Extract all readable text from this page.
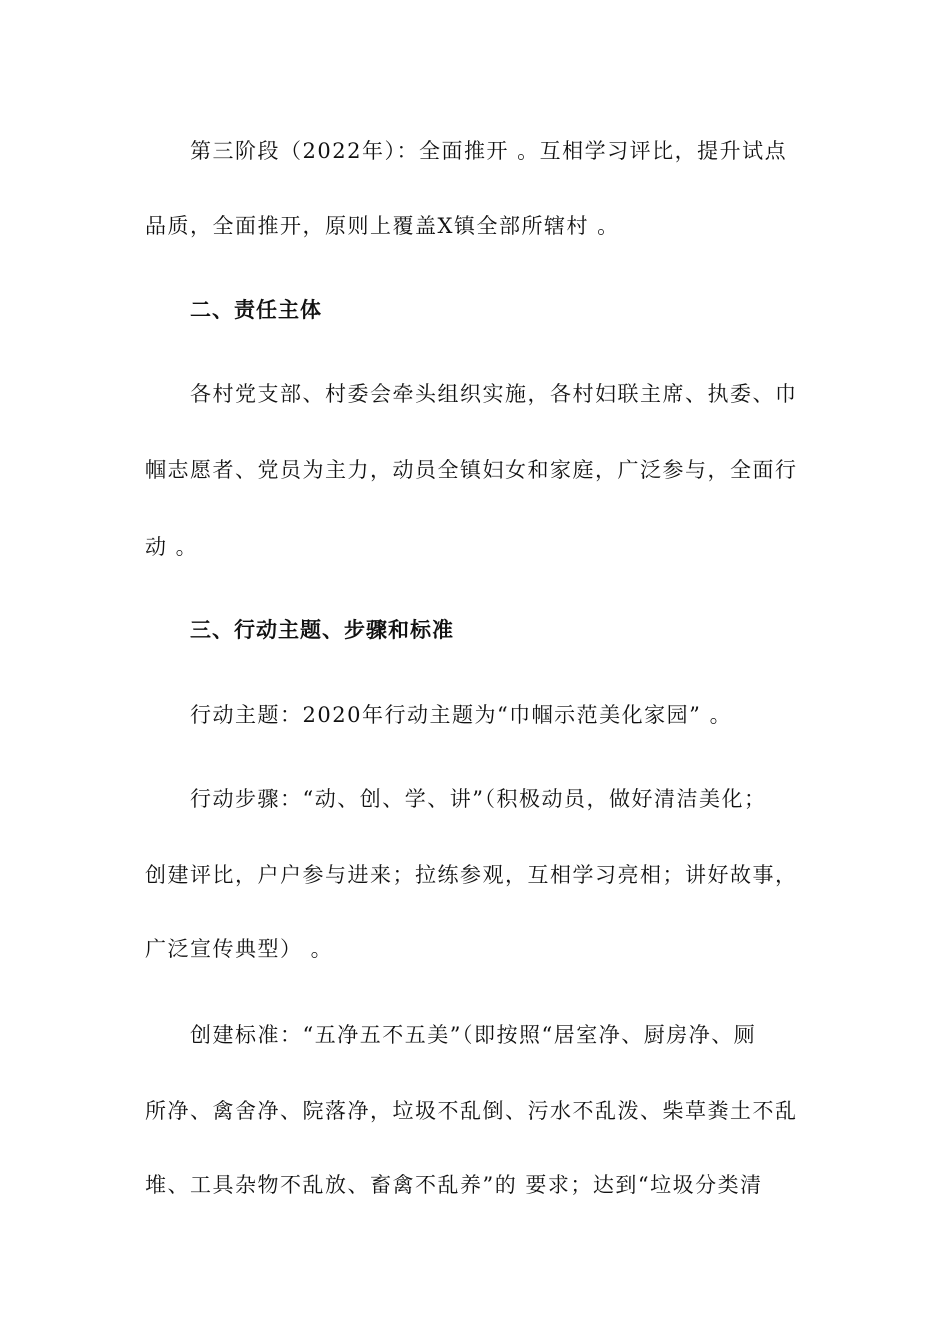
第三阶段（2022年）：全面推开 。互相学习评比，提升试点
品质，全面推开，原则上覆盖X镇全部所辖村 。
二、责任主体
各村党支部、村委会牵头组织实施，各村妇联主席、执委、巾
帼志愿者、党员为主力，动员全镇妇女和家庭，广泛参与，全面行
动 。
三、行动主题、步骤和标准
行动主题：2020年行动主题为“巾帼示范美化家园” 。
行动步骤：“动、创、学、讲”（积极动员，做好清洁美化；
创建评比，户户参与进来；拉练参观，互相学习亮相；讲好故事，
广泛宣传典型） 。
创建标准：“五净五不五美”（即按照“居室净、厨房净、厕
所净、禽舍净、院落净，垃圾不乱倒、污水不乱泼、柴草粪土不乱
堆、工具杂物不乱放、畜禽不乱养”的 要求；达到“垃圾分类清
